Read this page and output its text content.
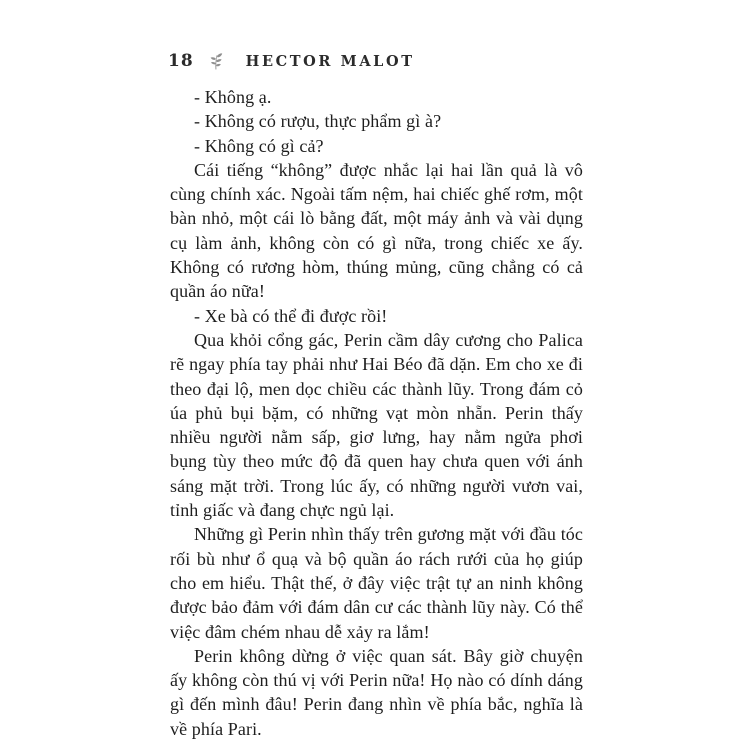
18	HECTOR MALOT

- Không ạ.

- Không có rượu, thực phẩm gì à?

- Không có gì cả?

Cái tiếng “không” được nhắc lại hai lần quả là vô cùng chính xác. Ngoài tấm nệm, hai chiếc ghế rơm, một bàn nhỏ, một cái lò bằng đất, một máy ảnh và vài dụng cụ làm ảnh, không còn có gì nữa, trong chiếc xe ấy. Không có rương hòm, thúng mủng, cũng chẳng có cả quần áo nữa!

- Xe bà có thể đi được rồi!

Qua khỏi cổng gác, Perin cầm dây cương cho Palica rẽ ngay phía tay phải như Hai Béo đã dặn. Em cho xe đi theo đại lộ, men dọc chiều các thành lũy. Trong đám cỏ úa phủ bụi bặm, có những vạt mòn nhẵn. Perin thấy nhiều người nằm sấp, giơ lưng, hay nằm ngửa phơi bụng tùy theo mức độ đã quen hay chưa quen với ánh sáng mặt trời. Trong lúc ấy, có những người vươn vai, tỉnh giấc và đang chực ngủ lại.

Những gì Perin nhìn thấy trên gương mặt với đầu tóc rối bù như ổ quạ và bộ quần áo rách rưới của họ giúp cho em hiểu. Thật thế, ở đây việc trật tự an ninh không được bảo đảm với đám dân cư các thành lũy này. Có thể việc đâm chém nhau dễ xảy ra lắm!

Perin không dừng ở việc quan sát. Bây giờ chuyện ấy không còn thú vị với Perin nữa! Họ nào có dính dáng gì đến mình đâu! Perin đang nhìn về phía bắc, nghĩa là về phía Pari.
